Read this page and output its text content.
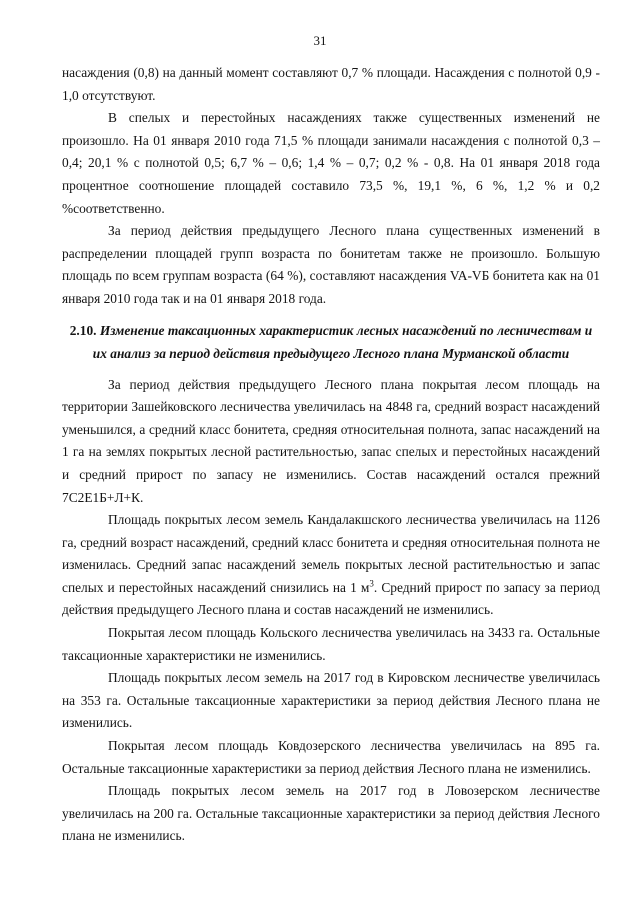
31

насаждения (0,8) на данный момент составляют 0,7 % площади. Насаждения с полнотой 0,9 - 1,0 отсутствуют.

В спелых и перестойных насаждениях также существенных изменений не произошло. На 01 января 2010 года 71,5 % площади занимали насаждения с полнотой 0,3 – 0,4; 20,1 % с полнотой 0,5; 6,7 % – 0,6; 1,4 % – 0,7; 0,2 % - 0,8. На 01 января 2018 года процентное соотношение площадей составило 73,5 %, 19,1 %, 6 %, 1,2 % и 0,2 %соответственно.

За период действия предыдущего Лесного плана существенных изменений в распределении площадей групп возраста по бонитетам также не произошло. Большую площадь по всем группам возраста (64 %), составляют насаждения VA-VБ бонитета как на 01 января 2010 года так и на 01 января 2018 года.

2.10. Изменение таксационных характеристик лесных насаждений по лесничествам и их анализ за период действия предыдущего Лесного плана Мурманской области

За период действия предыдущего Лесного плана покрытая лесом площадь на территории Зашейковского лесничества увеличилась на 4848 га, средний возраст насаждений уменьшился, а средний класс бонитета, средняя относительная полнота, запас насаждений на 1 га на землях покрытых лесной растительностью, запас спелых и перестойных насаждений и средний прирост по запасу не изменились. Состав насаждений остался прежний 7С2Е1Б+Л+К.

Площадь покрытых лесом земель Кандалакшского лесничества увеличилась на 1126 га, средний возраст насаждений, средний класс бонитета и средняя относительная полнота не изменилась. Средний запас насаждений земель покрытых лесной растительностью и запас спелых и перестойных насаждений снизились на 1 $м^3$. Средний прирост по запасу за период действия предыдущего Лесного плана и состав насаждений не изменились.

Покрытая лесом площадь Кольского лесничества увеличилась на 3433 га. Остальные таксационные характеристики не изменились.

Площадь покрытых лесом земель на 2017 год в Кировском лесничестве увеличилась на 353 га. Остальные таксационные характеристики за период действия Лесного плана не изменились.

Покрытая лесом площадь Ковдозерского лесничества увеличилась на 895 га. Остальные таксационные характеристики за период действия Лесного плана не изменились.

Площадь покрытых лесом земель на 2017 год в Ловозерском лесничестве увеличилась на 200 га. Остальные таксационные характеристики за период действия Лесного плана не изменились.
